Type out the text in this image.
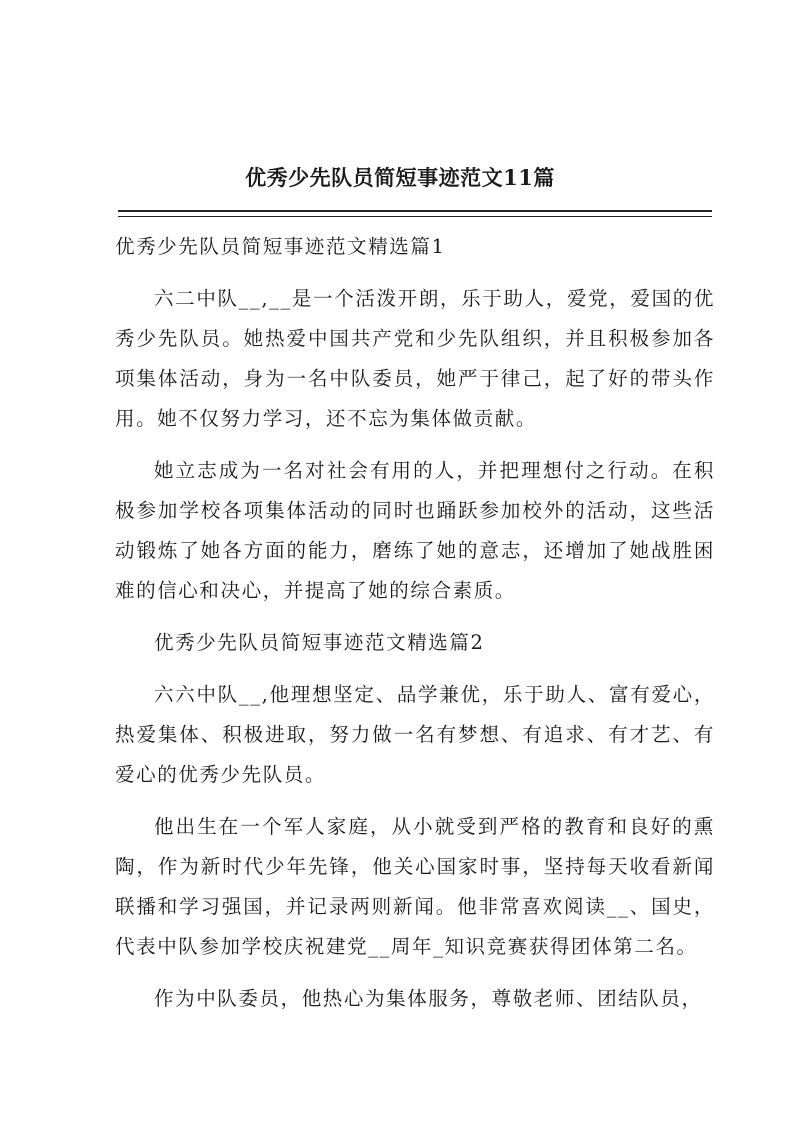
优秀少先队员简短事迹范文11篇

优秀少先队员简短事迹范文精选篇1

六二中队__,__是一个活泼开朗，乐于助人，爱党，爱国的优秀少先队员。她热爱中国共产党和少先队组织，并且积极参加各项集体活动，身为一名中队委员，她严于律己，起了好的带头作用。她不仅努力学习，还不忘为集体做贡献。

她立志成为一名对社会有用的人，并把理想付之行动。在积极参加学校各项集体活动的同时也踊跃参加校外的活动，这些活动锻炼了她各方面的能力，磨练了她的意志，还增加了她战胜困难的信心和决心，并提高了她的综合素质。

优秀少先队员简短事迹范文精选篇2

六六中队__,他理想坚定、品学兼优，乐于助人、富有爱心，热爱集体、积极进取，努力做一名有梦想、有追求、有才艺、有爱心的优秀少先队员。

他出生在一个军人家庭，从小就受到严格的教育和良好的熏陶，作为新时代少年先锋，他关心国家时事，坚持每天收看新闻联播和学习强国，并记录两则新闻。他非常喜欢阅读__、国史，代表中队参加学校庆祝建党__周年_知识竞赛获得团体第二名。

作为中队委员，他热心为集体服务，尊敬老师、团结队员，
